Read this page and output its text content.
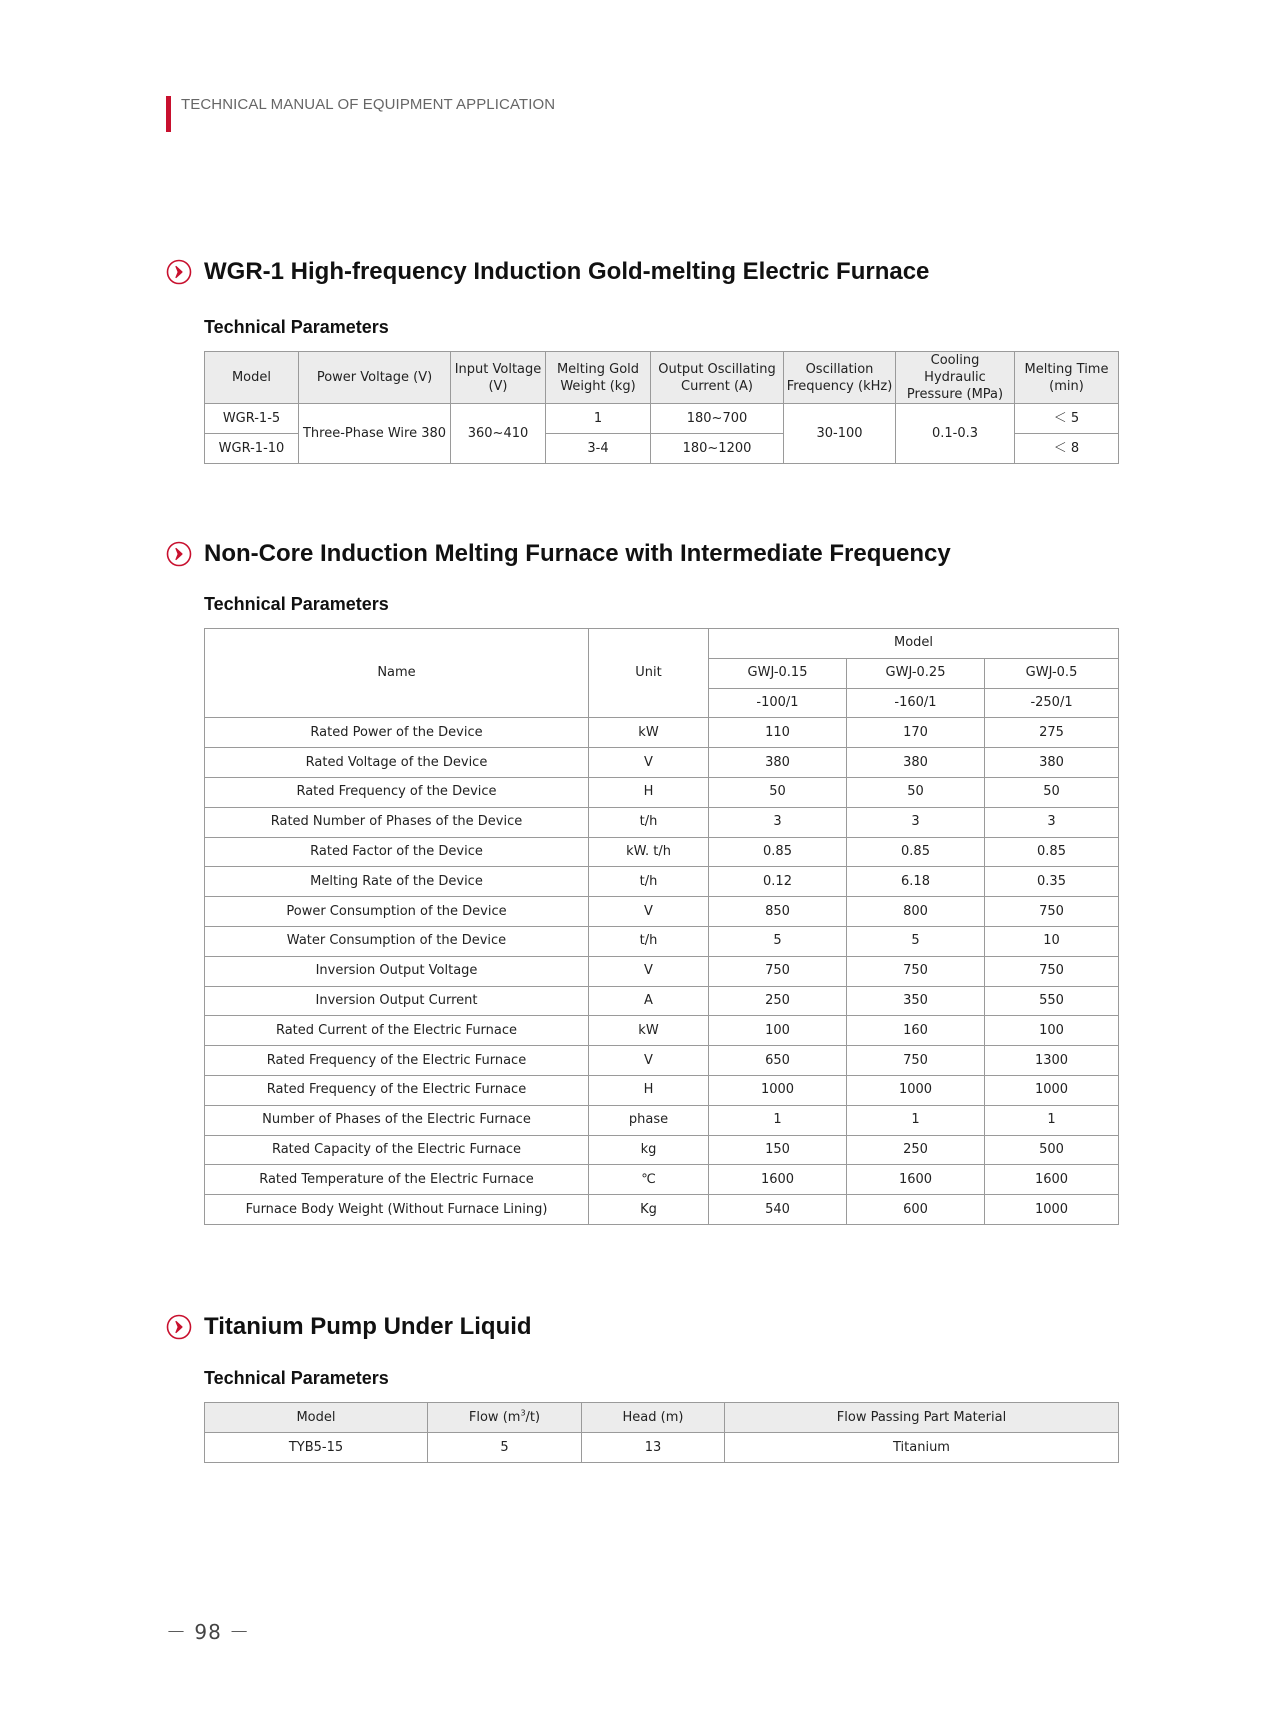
TECHNICAL MANUAL OF EQUIPMENT APPLICATION
WGR-1 High-frequency Induction Gold-melting Electric Furnace
Technical Parameters
Model	Power Voltage (V)	Input Voltage (V)	Melting Gold Weight (kg)	Output Oscillating Current (A)	Oscillation Frequency (kHz)	Cooling Hydraulic Pressure (MPa)	Melting Time (min)
WGR-1-5	Three-Phase Wire 380	360~410	1	180~700	30-100	0.1-0.3	＜ 5
WGR-1-10			3-4	180~1200			＜ 8
Non-Core Induction Melting Furnace with Intermediate Frequency
Technical Parameters
Name	Unit	Model		
		GWJ-0.15	GWJ-0.25	GWJ-0.5
		-100/1	-160/1	-250/1
Rated Power of the Device	kW	110	170	275
Rated Voltage of the Device	V	380	380	380
Rated Frequency of the Device	H	50	50	50
Rated Number of Phases of the Device	t/h	3	3	3
Rated Factor of the Device	kW. t/h	0.85	0.85	0.85
Melting Rate of the Device	t/h	0.12	6.18	0.35
Power Consumption of the Device	V	850	800	750
Water Consumption of the Device	t/h	5	5	10
Inversion Output Voltage	V	750	750	750
Inversion Output Current	A	250	350	550
Rated Current of the Electric Furnace	kW	100	160	100
Rated Frequency of the Electric Furnace	V	650	750	1300
Rated Frequency of the Electric Furnace	H	1000	1000	1000
Number of Phases of the Electric Furnace	phase	1	1	1
Rated Capacity of the Electric Furnace	kg	150	250	500
Rated Temperature of the Electric Furnace	℃	1600	1600	1600
Furnace Body Weight (Without Furnace Lining)	Kg	540	600	1000
Titanium Pump Under Liquid
Technical Parameters
Model	Flow $(m^3/t)$	Head (m)	Flow Passing Part Material
TYB5-15	5	13	Titanium
－ 98 －
